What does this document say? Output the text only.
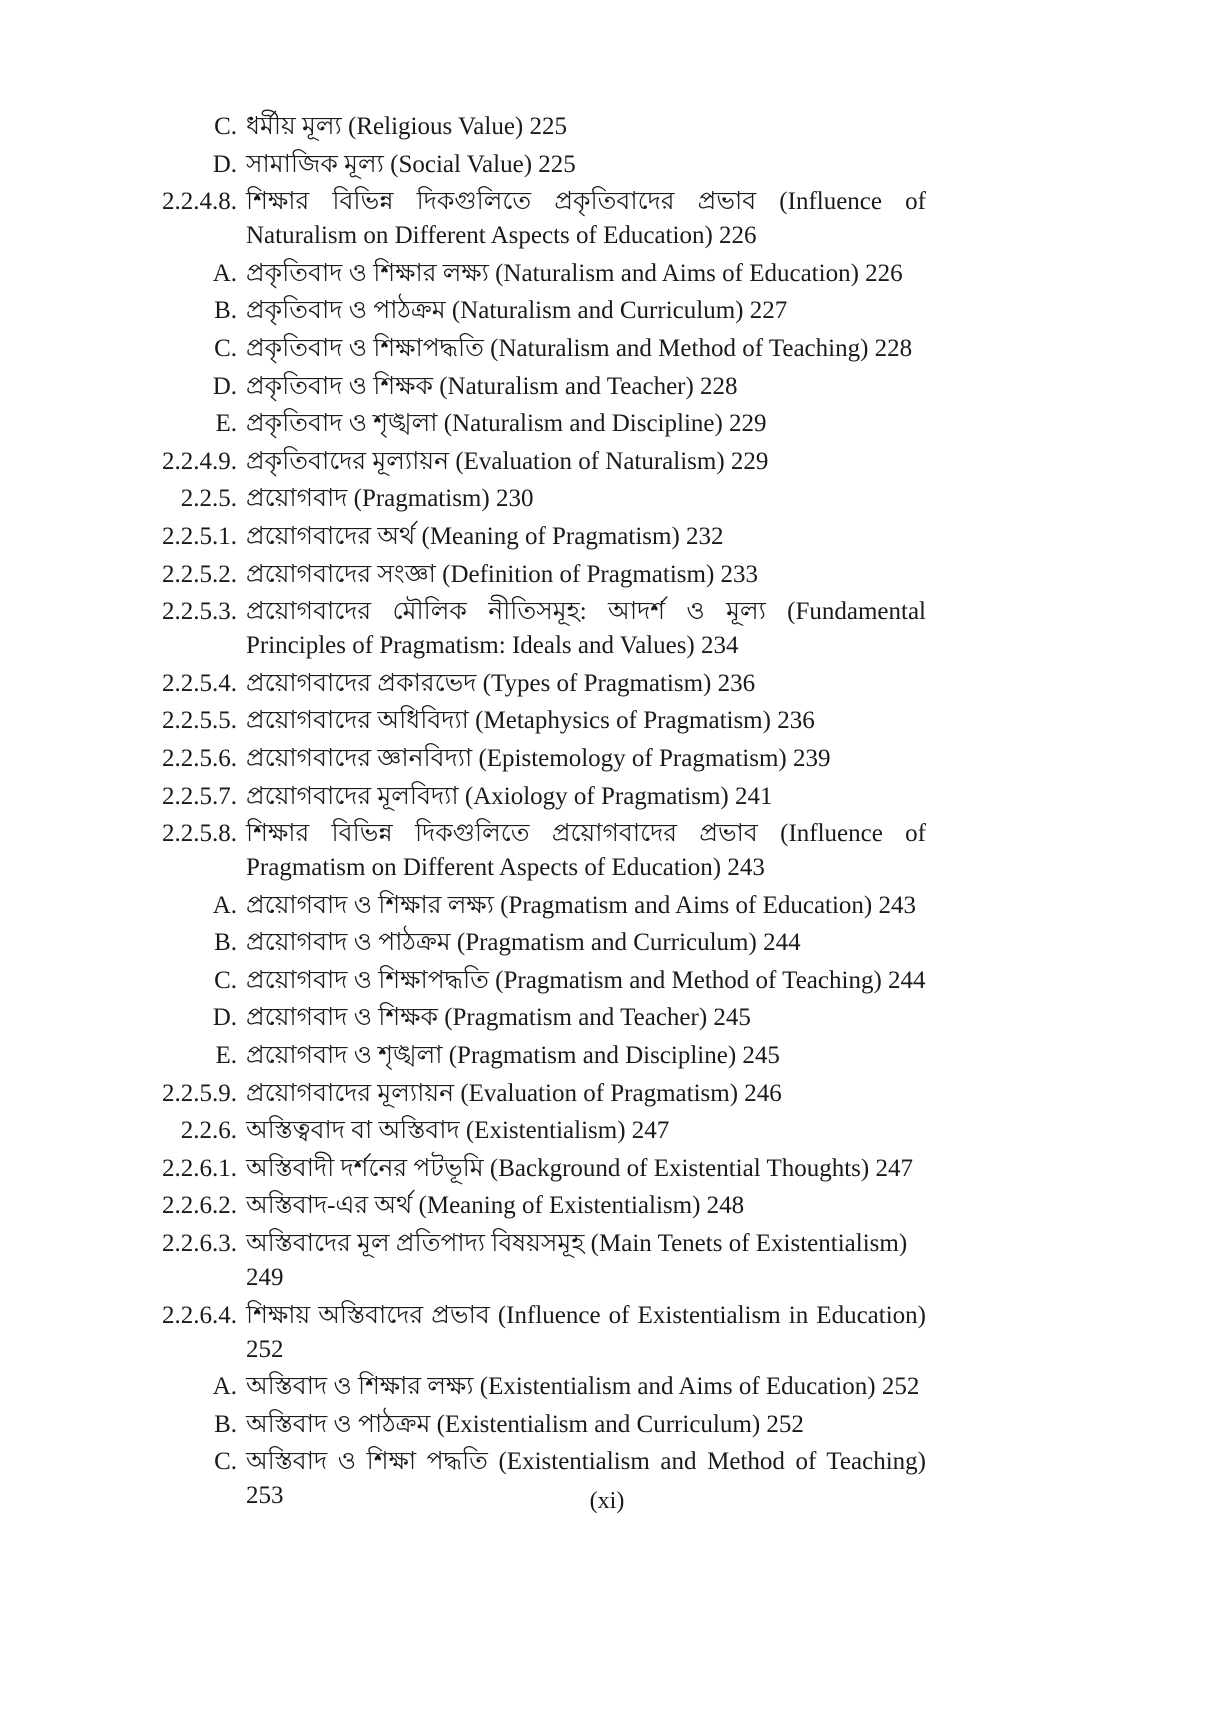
C. ধর্মীয় মূল্য (Religious Value) 225
D. সামাজিক মূল্য (Social Value) 225
2.2.4.8. শিক্ষার বিভিন্ন দিকগুলিতে প্রকৃতিবাদের প্রভাব (Influence of Naturalism on Different Aspects of Education) 226
A. প্রকৃতিবাদ ও শিক্ষার লক্ষ্য (Naturalism and Aims of Education) 226
B. প্রকৃতিবাদ ও পাঠক্রম (Naturalism and Curriculum) 227
C. প্রকৃতিবাদ ও শিক্ষাপদ্ধতি (Naturalism and Method of Teaching) 228
D. প্রকৃতিবাদ ও শিক্ষক (Naturalism and Teacher) 228
E. প্রকৃতিবাদ ও শৃঙ্খলা (Naturalism and Discipline) 229
2.2.4.9. প্রকৃতিবাদের মূল্যায়ন (Evaluation of Naturalism) 229
2.2.5. প্রয়োগবাদ (Pragmatism) 230
2.2.5.1. প্রয়োগবাদের অর্থ (Meaning of Pragmatism) 232
2.2.5.2. প্রয়োগবাদের সংজ্ঞা (Definition of Pragmatism) 233
2.2.5.3. প্রয়োগবাদের মৌলিক নীতিসমূহ: আদর্শ ও মূল্য (Fundamental Principles of Pragmatism: Ideals and Values) 234
2.2.5.4. প্রয়োগবাদের প্রকারভেদ (Types of Pragmatism) 236
2.2.5.5. প্রয়োগবাদের অধিবিদ্যা (Metaphysics of Pragmatism) 236
2.2.5.6. প্রয়োগবাদের জ্ঞানবিদ্যা (Epistemology of Pragmatism) 239
2.2.5.7. প্রয়োগবাদের মূলবিদ্যা (Axiology of Pragmatism) 241
2.2.5.8. শিক্ষার বিভিন্ন দিকগুলিতে প্রয়োগবাদের প্রভাব (Influence of Pragmatism on Different Aspects of Education) 243
A. প্রয়োগবাদ ও শিক্ষার লক্ষ্য (Pragmatism and Aims of Education) 243
B. প্রয়োগবাদ ও পাঠক্রম (Pragmatism and Curriculum) 244
C. প্রয়োগবাদ ও শিক্ষাপদ্ধতি (Pragmatism and Method of Teaching) 244
D. প্রয়োগবাদ ও শিক্ষক (Pragmatism and Teacher) 245
E. প্রয়োগবাদ ও শৃঙ্খলা (Pragmatism and Discipline) 245
2.2.5.9. প্রয়োগবাদের মূল্যায়ন (Evaluation of Pragmatism) 246
2.2.6. অস্তিত্ববাদ বা অস্তিবাদ (Existentialism) 247
2.2.6.1. অস্তিবাদী দর্শনের পটভূমি (Background of Existential Thoughts) 247
2.2.6.2. অস্তিবাদ-এর অর্থ (Meaning of Existentialism) 248
2.2.6.3. অস্তিবাদের মূল প্রতিপাদ্য বিষয়সমূহ (Main Tenets of Existentialism) 249
2.2.6.4. শিক্ষায় অস্তিবাদের প্রভাব (Influence of Existentialism in Education) 252
A. অস্তিবাদ ও শিক্ষার লক্ষ্য (Existentialism and Aims of Education) 252
B. অস্তিবাদ ও পাঠক্রম (Existentialism and Curriculum) 252
C. অস্তিবাদ ও শিক্ষা পদ্ধতি (Existentialism and Method of Teaching) 253	(xi)
